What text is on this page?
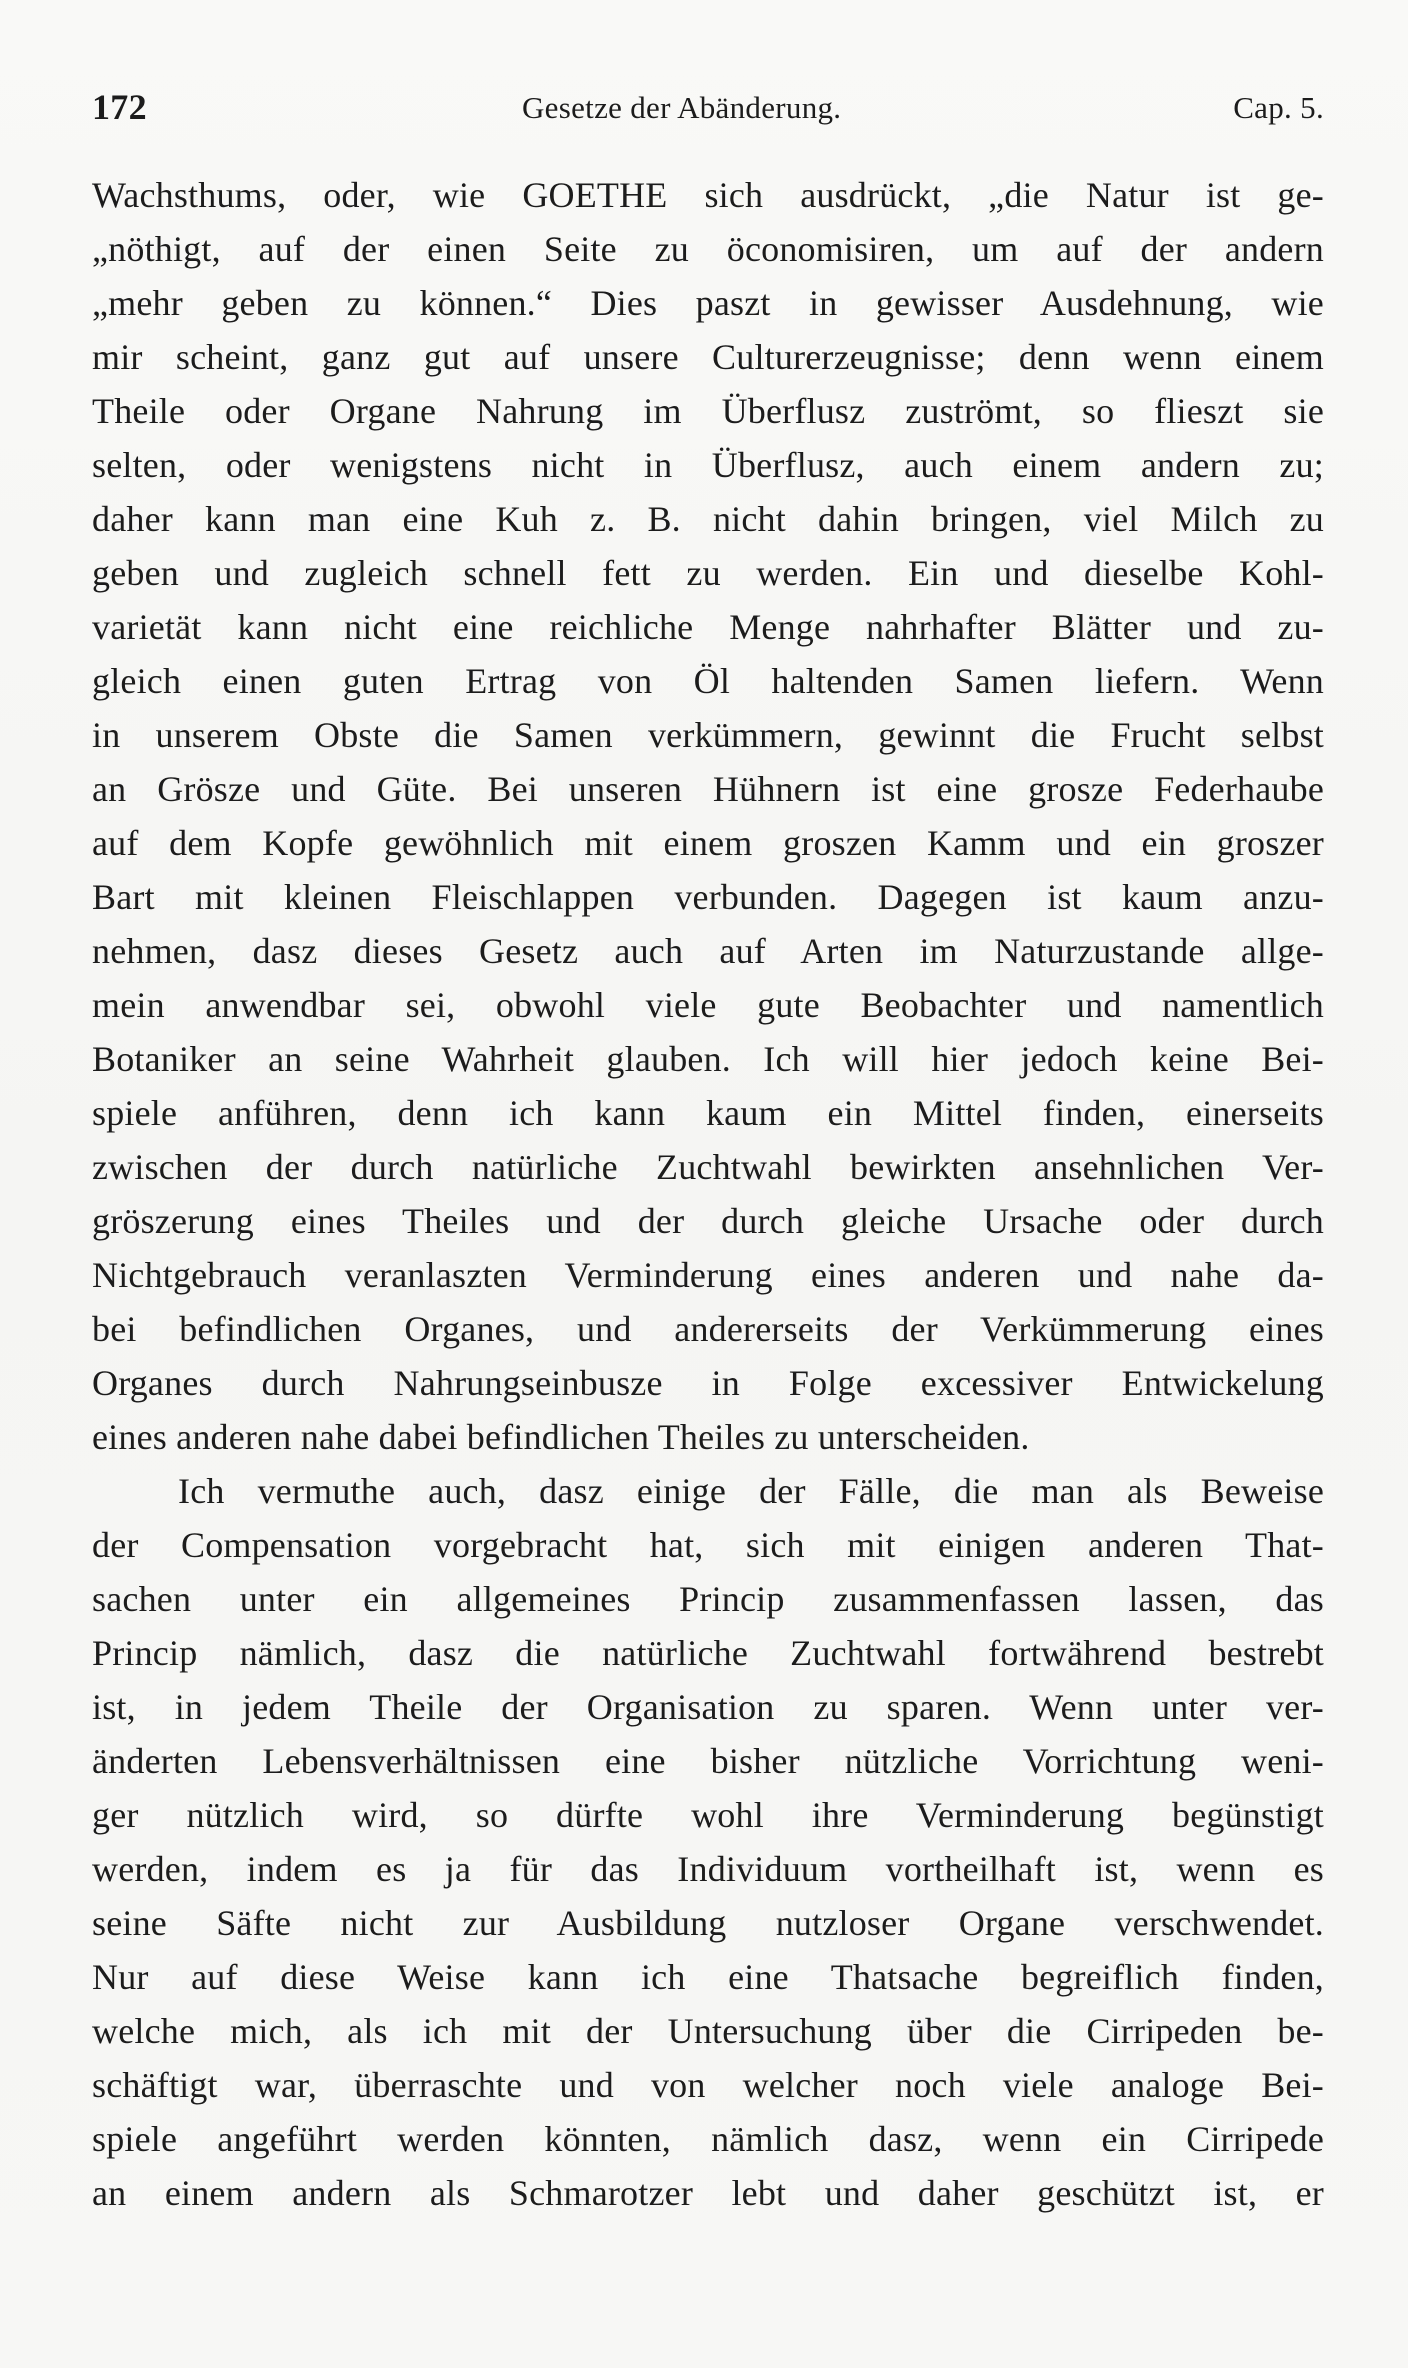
172	Gesetze der Abänderung.	Cap. 5.
Wachsthums, oder, wie GOETHE sich ausdrückt, „die Natur ist ge-
„nöthigt, auf der einen Seite zu öconomisiren, um auf der andern
„mehr geben zu können.“ Dies paszt in gewisser Ausdehnung, wie
mir scheint, ganz gut auf unsere Culturerzeugnisse; denn wenn einem
Theile oder Organe Nahrung im Überflusz zuströmt, so flieszt sie
selten, oder wenigstens nicht in Überflusz, auch einem andern zu;
daher kann man eine Kuh z. B. nicht dahin bringen, viel Milch zu
geben und zugleich schnell fett zu werden. Ein und dieselbe Kohl-
varietät kann nicht eine reichliche Menge nahrhafter Blätter und zu-
gleich einen guten Ertrag von Öl haltenden Samen liefern. Wenn
in unserem Obste die Samen verkümmern, gewinnt die Frucht selbst
an Grösze und Güte. Bei unseren Hühnern ist eine grosze Federhaube
auf dem Kopfe gewöhnlich mit einem groszen Kamm und ein groszer
Bart mit kleinen Fleischlappen verbunden. Dagegen ist kaum anzu-
nehmen, dasz dieses Gesetz auch auf Arten im Naturzustande allge-
mein anwendbar sei, obwohl viele gute Beobachter und namentlich
Botaniker an seine Wahrheit glauben. Ich will hier jedoch keine Bei-
spiele anführen, denn ich kann kaum ein Mittel finden, einerseits
zwischen der durch natürliche Zuchtwahl bewirkten ansehnlichen Ver-
gröszerung eines Theiles und der durch gleiche Ursache oder durch
Nichtgebrauch veranlaszten Verminderung eines anderen und nahe da-
bei befindlichen Organes, und andererseits der Verkümmerung eines
Organes durch Nahrungseinbusze in Folge excessiver Entwickelung
eines anderen nahe dabei befindlichen Theiles zu unterscheiden.
Ich vermuthe auch, dasz einige der Fälle, die man als Beweise
der Compensation vorgebracht hat, sich mit einigen anderen That-
sachen unter ein allgemeines Princip zusammenfassen lassen, das
Princip nämlich, dasz die natürliche Zuchtwahl fortwährend bestrebt
ist, in jedem Theile der Organisation zu sparen. Wenn unter ver-
änderten Lebensverhältnissen eine bisher nützliche Vorrichtung weni-
ger nützlich wird, so dürfte wohl ihre Verminderung begünstigt
werden, indem es ja für das Individuum vortheilhaft ist, wenn es
seine Säfte nicht zur Ausbildung nutzloser Organe verschwendet.
Nur auf diese Weise kann ich eine Thatsache begreiflich finden,
welche mich, als ich mit der Untersuchung über die Cirripeden be-
schäftigt war, überraschte und von welcher noch viele analoge Bei-
spiele angeführt werden könnten, nämlich dasz, wenn ein Cirripede
an einem andern als Schmarotzer lebt und daher geschützt ist, er
